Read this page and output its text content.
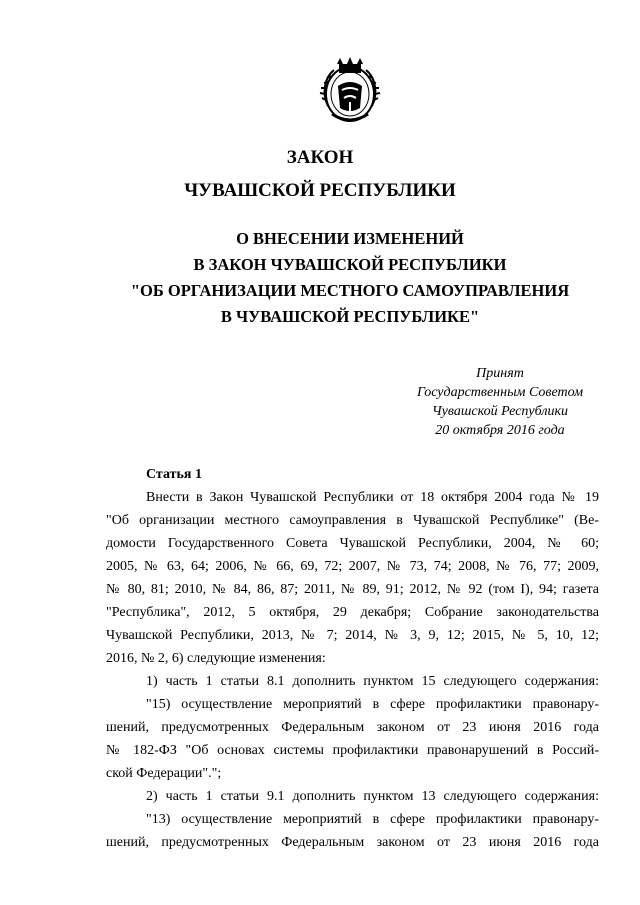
ЗАКОН
ЧУВАШСКОЙ РЕСПУБЛИКИ
О ВНЕСЕНИИ ИЗМЕНЕНИЙ
В ЗАКОН ЧУВАШСКОЙ РЕСПУБЛИКИ
"ОБ ОРГАНИЗАЦИИ МЕСТНОГО САМОУПРАВЛЕНИЯ
В ЧУВАШСКОЙ РЕСПУБЛИКЕ"
Принят
Государственным Советом
Чувашской Республики
20 октября 2016 года

Статья 1

Внести в Закон Чувашской Республики от 18 октября 2004 года № 19

"Об организации местного самоуправления в Чувашской Республике" (Ве-

домости Государственного Совета Чувашской Республики, 2004, № 60;

2005, № 63, 64; 2006, № 66, 69, 72; 2007, № 73, 74; 2008, № 76, 77; 2009,

№ 80, 81; 2010, № 84, 86, 87; 2011, № 89, 91; 2012, № 92 (том I), 94; газета

"Республика", 2012, 5 октября, 29 декабря; Собрание законодательства

Чувашской Республики, 2013, № 7; 2014, № 3, 9, 12; 2015, № 5, 10, 12;

2016, № 2, 6) следующие изменения:

1) часть 1 статьи 8.1 дополнить пунктом 15 следующего содержания:

"15) осуществление мероприятий в сфере профилактики правонару-

шений, предусмотренных Федеральным законом от 23 июня 2016 года

№ 182-ФЗ "Об основах системы профилактики правонарушений в Россий-

ской Федерации".";

2) часть 1 статьи 9.1 дополнить пунктом 13 следующего содержания:

"13) осуществление мероприятий в сфере профилактики правонару-

шений, предусмотренных Федеральным законом от 23 июня 2016 года
